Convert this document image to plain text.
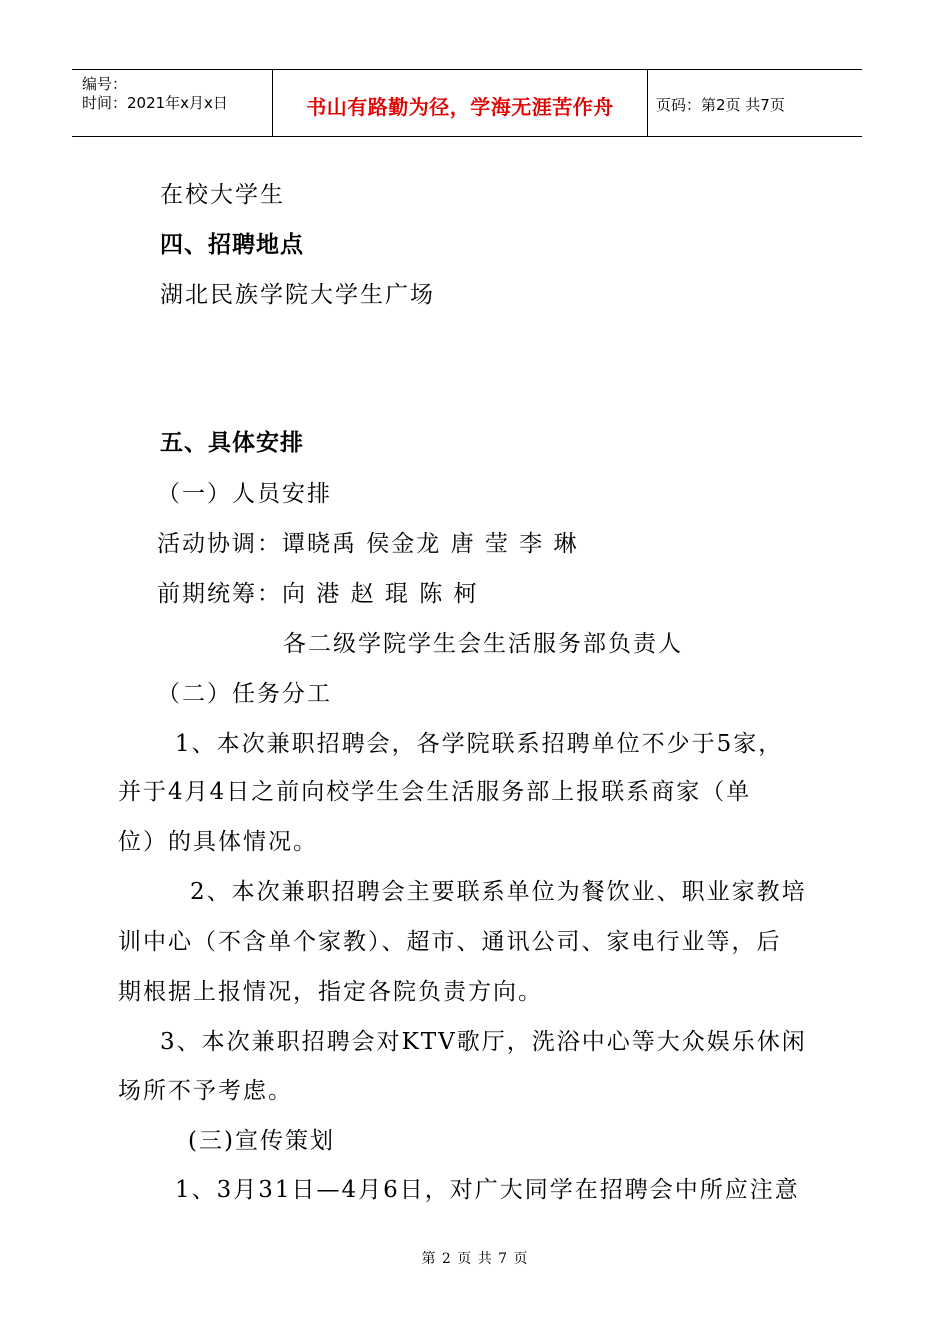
编号：
时间：2021年x月x日	书山有路勤为径，学海无涯苦作舟	页码：第2页 共7页
在校大学生
四、招聘地点
湖北民族学院大学生广场
五、具体安排
（一）人员安排
活动协调：谭晓禹 侯金龙 唐 莹 李 琳
前期统筹：向 港 赵 琨 陈 柯
各二级学院学生会生活服务部负责人
（二）任务分工
1、本次兼职招聘会，各学院联系招聘单位不少于5家，
并于4月4日之前向校学生会生活服务部上报联系商家（单
位）的具体情况。
2、本次兼职招聘会主要联系单位为餐饮业、职业家教培
训中心（不含单个家教）、超市、通讯公司、家电行业等，后
期根据上报情况，指定各院负责方向。
3、本次兼职招聘会对KTV歌厅，洗浴中心等大众娱乐休闲
场所不予考虑。
(三)宣传策划
1、3月31日—4月6日，对广大同学在招聘会中所应注意
第 2 页 共 7 页
